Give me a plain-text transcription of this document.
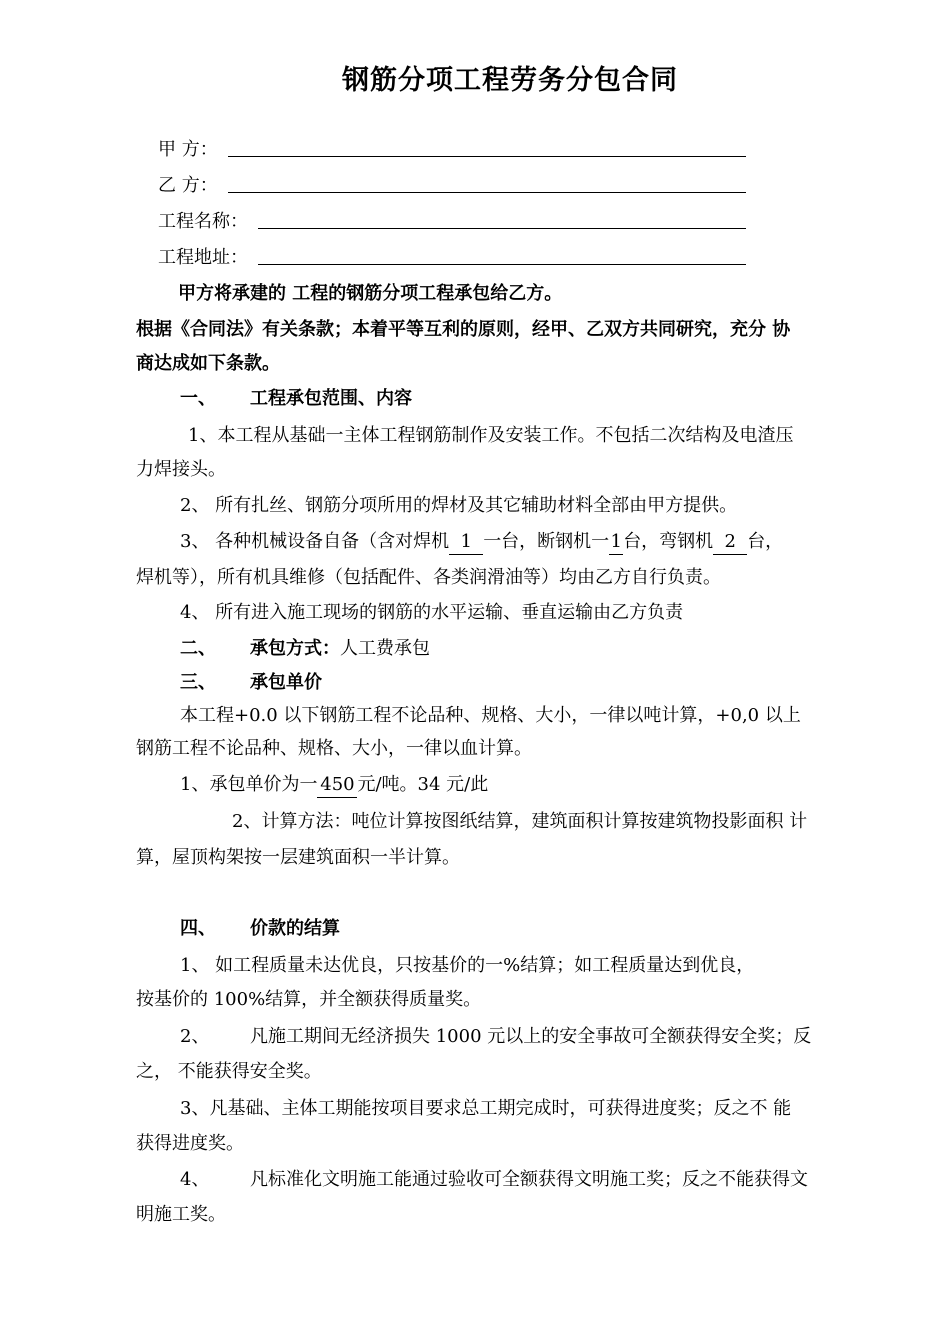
钢筋分项工程劳务分包合同
甲 方：
乙 方：
工程名称：
工程地址：
甲方将承建的 工程的钢筋分项工程承包给乙方。
根据《合同法》有关条款；本着平等互利的原则，经甲、乙双方共同研究，充分 协
商达成如下条款。
一、 工程承包范围、内容
1、本工程从基础一主体工程钢筋制作及安装工作。不包括二次结构及电渣压
力焊接头。
2、 所有扎丝、钢筋分项所用的焊材及其它辅助材料全部由甲方提供。
3、 各种机械设备自备（含对焊机 1 一台，断钢机一1台，弯钢机 2 台，
焊机等），所有机具维修（包括配件、各类润滑油等）均由乙方自行负责。
4、 所有进入施工现场的钢筋的水平运输、垂直运输由乙方负责
二、 承包方式：人工费承包
三、 承包单价
本工程+0.0 以下钢筋工程不论品种、规格、大小，一律以吨计算，+0,0 以上
钢筋工程不论品种、规格、大小，一律以血计算。
1、承包单价为一 450 元/吨。34 元/此
2、计算方法：吨位计算按图纸结算，建筑面积计算按建筑物投影面积 计
算，屋顶构架按一层建筑面积一半计算。
四、 价款的结算
1、 如工程质量未达优良，只按基价的一%结算；如工程质量达到优良，
按基价的 100%结算，并全额获得质量奖。
2、 凡施工期间无经济损失 1000 元以上的安全事故可全额获得安全奖；反
之， 不能获得安全奖。
3、凡基础、主体工期能按项目要求总工期完成时，可获得进度奖；反之不 能
获得进度奖。
4、 凡标准化文明施工能通过验收可全额获得文明施工奖；反之不能获得文
明施工奖。
